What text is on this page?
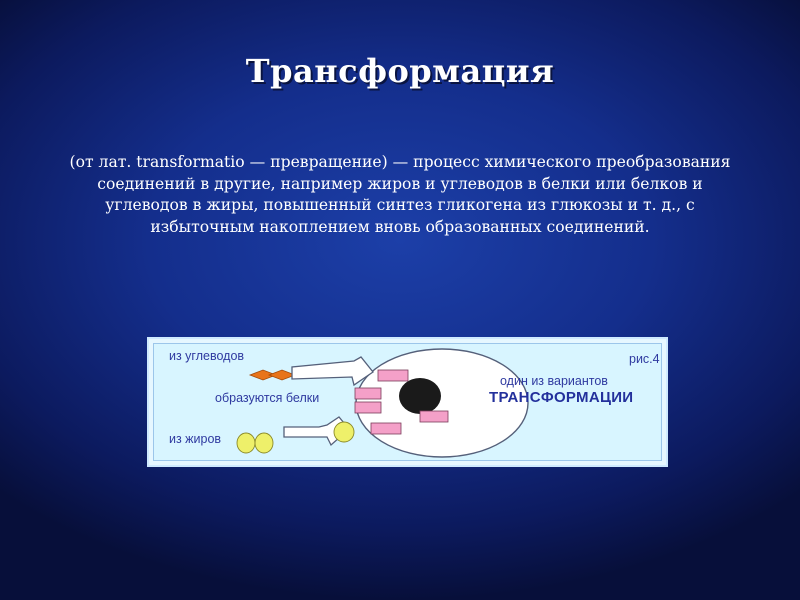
Трансформация
(от лат. transformatio — превращение) — процесс химического преобразования соединений в другие, например жиров и углеводов в белки или белков и углеводов в жиры, повышенный синтез гликогена из глюкозы и т. д., с избыточным накоплением вновь образованных соединений.
из углеводов	рис.4
один из вариантов
ТРАНСФОРМАЦИИ
образуются белки
из жиров
